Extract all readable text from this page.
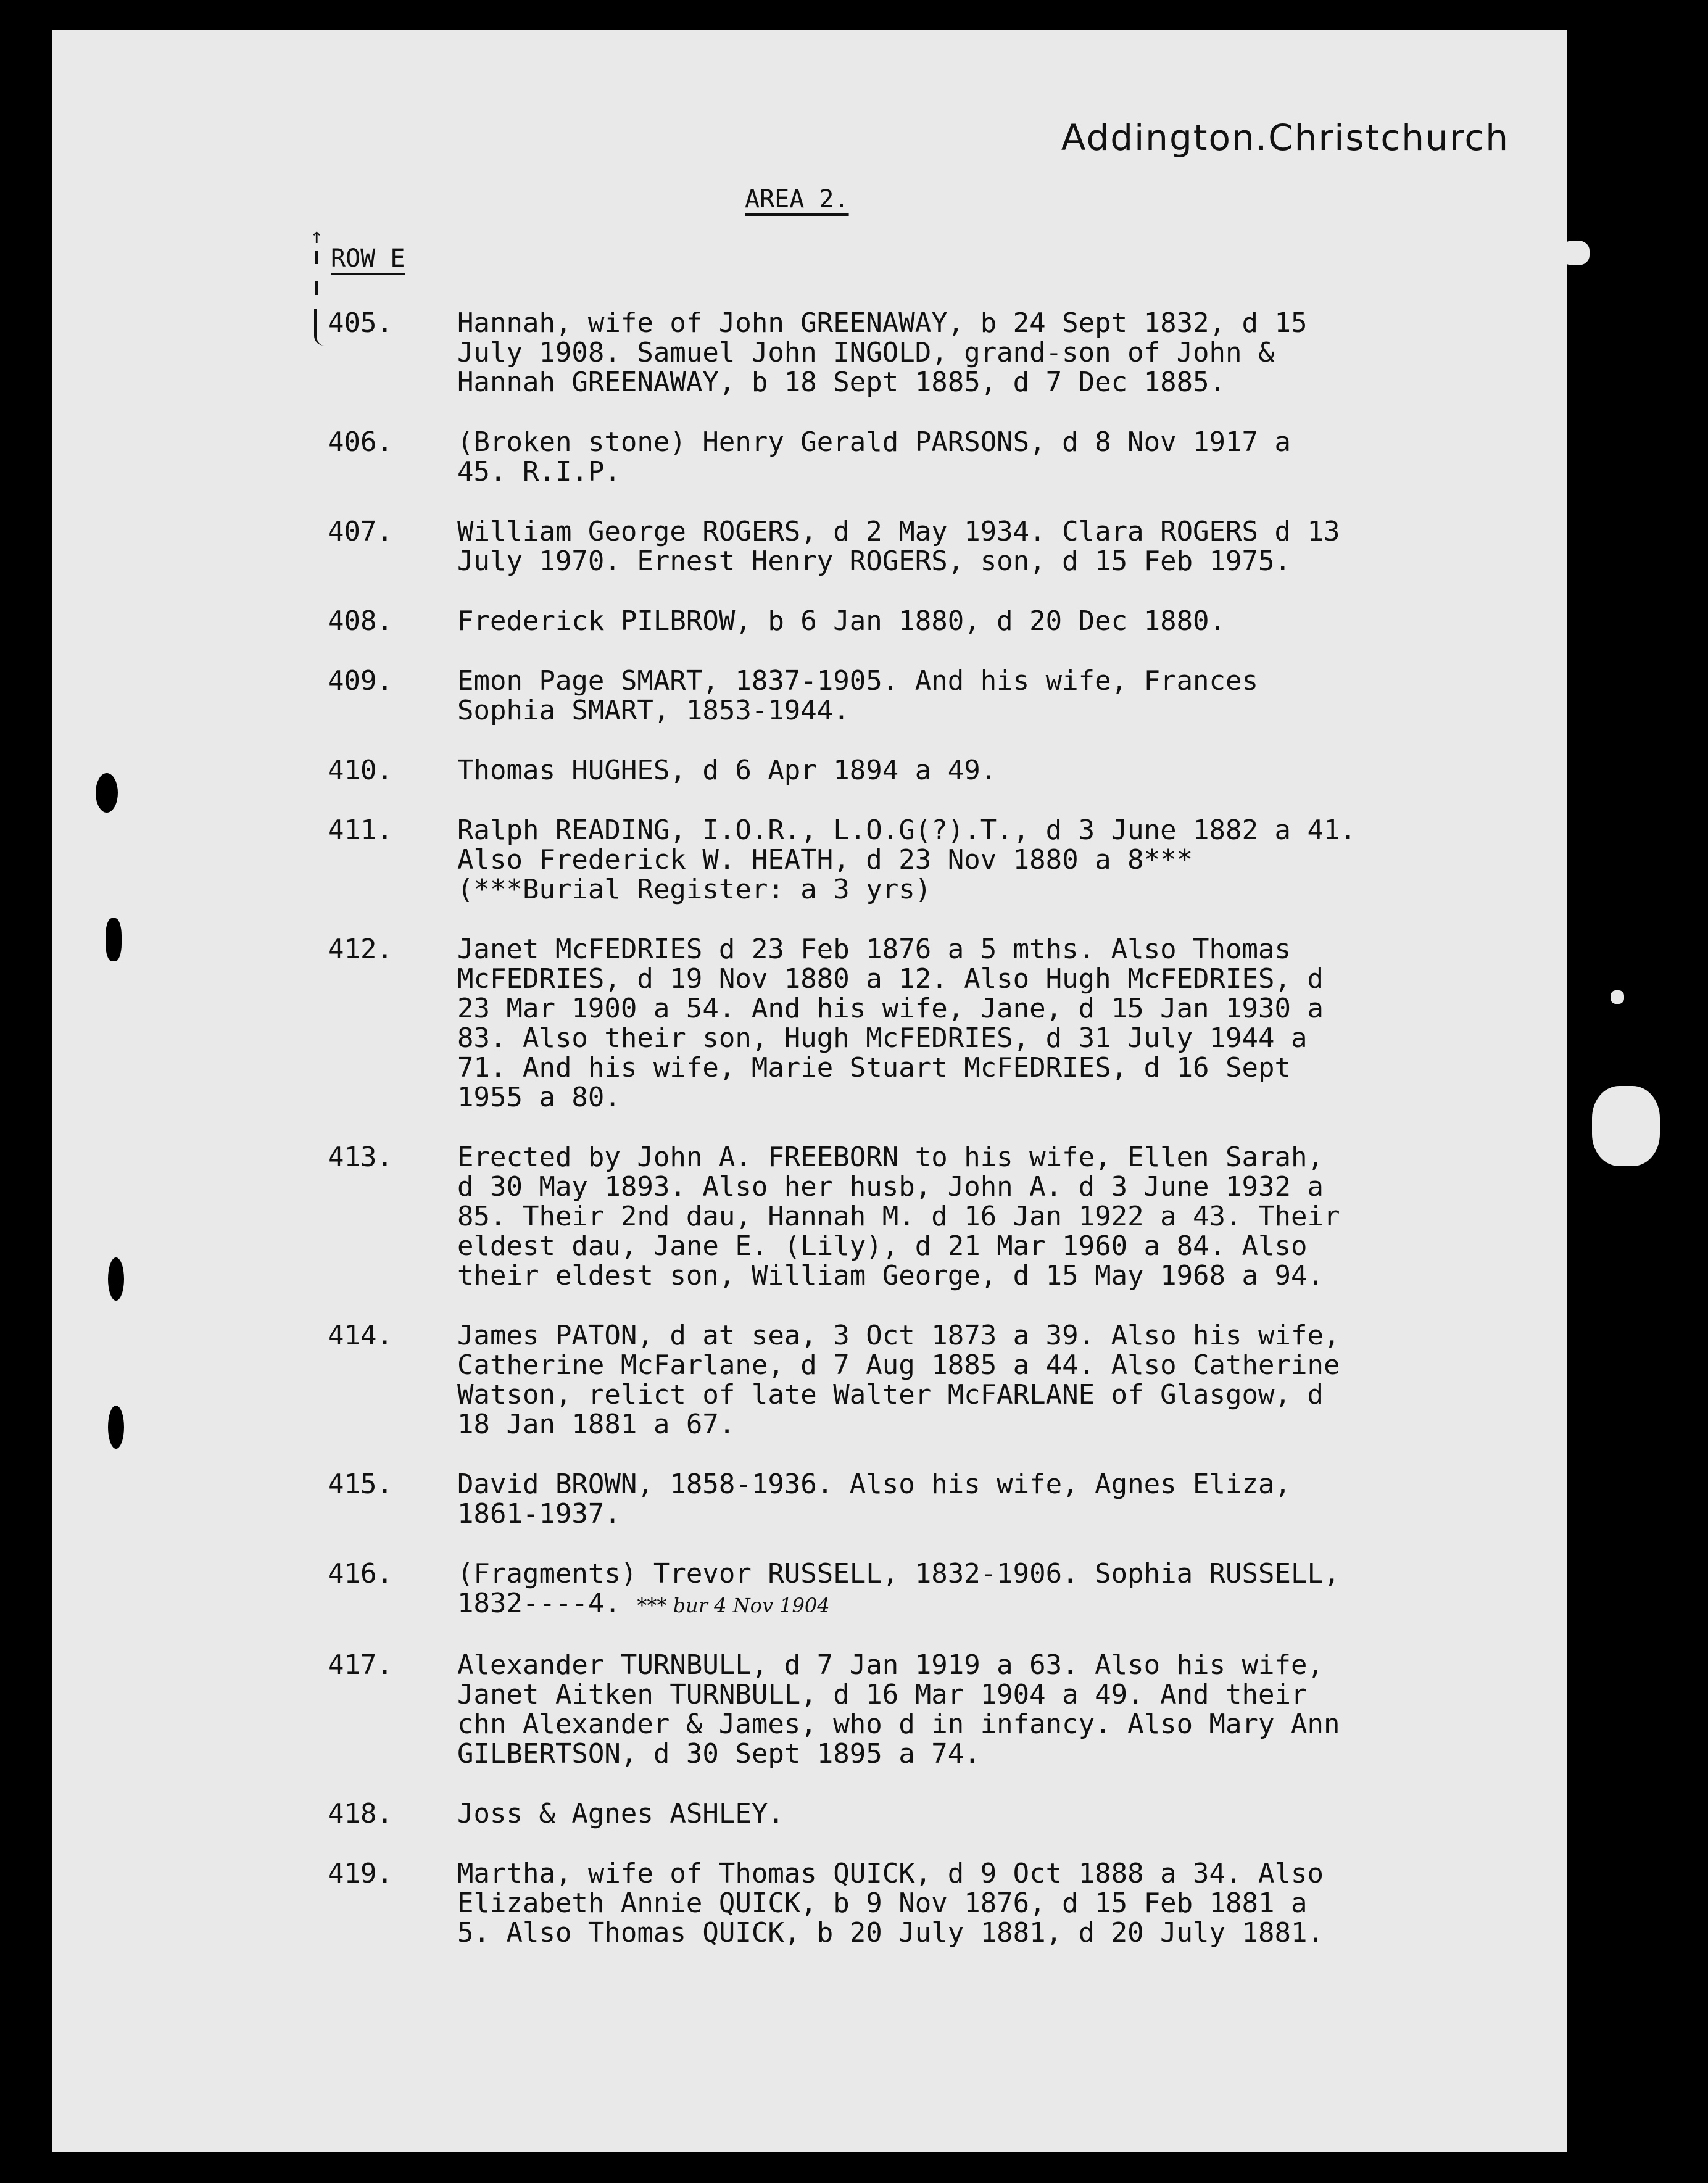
Addington.Christchurch
AREA 2.
↑
ROW E
405.	Hannah, wife of John GREENAWAY, b 24 Sept 1832, d 15
July 1908. Samuel John INGOLD, grand-son of John &
Hannah GREENAWAY, b 18 Sept 1885, d 7 Dec 1885.
406.	(Broken stone) Henry Gerald PARSONS, d 8 Nov 1917 a
45. R.I.P.
407.	William George ROGERS, d 2 May 1934. Clara ROGERS d 13
July 1970. Ernest Henry ROGERS, son, d 15 Feb 1975.
408.	Frederick PILBROW, b 6 Jan 1880, d 20 Dec 1880.
409.	Emon Page SMART, 1837-1905. And his wife, Frances
Sophia SMART, 1853-1944.
410.	Thomas HUGHES, d 6 Apr 1894 a 49.
411.	Ralph READING, I.O.R., L.O.G(?).T., d 3 June 1882 a 41.
Also Frederick W. HEATH, d 23 Nov 1880 a 8***
(***Burial Register: a 3 yrs)
412.	Janet McFEDRIES d 23 Feb 1876 a 5 mths. Also Thomas
McFEDRIES, d 19 Nov 1880 a 12. Also Hugh McFEDRIES, d
23 Mar 1900 a 54. And his wife, Jane, d 15 Jan 1930 a
83. Also their son, Hugh McFEDRIES, d 31 July 1944 a
71. And his wife, Marie Stuart McFEDRIES, d 16 Sept
1955 a 80.
413.	Erected by John A. FREEBORN to his wife, Ellen Sarah,
d 30 May 1893. Also her husb, John A. d 3 June 1932 a
85. Their 2nd dau, Hannah M. d 16 Jan 1922 a 43. Their
eldest dau, Jane E. (Lily), d 21 Mar 1960 a 84. Also
their eldest son, William George, d 15 May 1968 a 94.
414.	James PATON, d at sea, 3 Oct 1873 a 39. Also his wife,
Catherine McFarlane, d 7 Aug 1885 a 44. Also Catherine
Watson, relict of late Walter McFARLANE of Glasgow, d
18 Jan 1881 a 67.
415.	David BROWN, 1858-1936. Also his wife, Agnes Eliza,
1861-1937.
416.	(Fragments) Trevor RUSSELL, 1832-1906. Sophia RUSSELL,
1832----4. *** bur 4 Nov 1904
417.	Alexander TURNBULL, d 7 Jan 1919 a 63. Also his wife,
Janet Aitken TURNBULL, d 16 Mar 1904 a 49. And their
chn Alexander & James, who d in infancy. Also Mary Ann
GILBERTSON, d 30 Sept 1895 a 74.
418.	Joss & Agnes ASHLEY.
419.	Martha, wife of Thomas QUICK, d 9 Oct 1888 a 34. Also
Elizabeth Annie QUICK, b 9 Nov 1876, d 15 Feb 1881 a
5. Also Thomas QUICK, b 20 July 1881, d 20 July 1881.
